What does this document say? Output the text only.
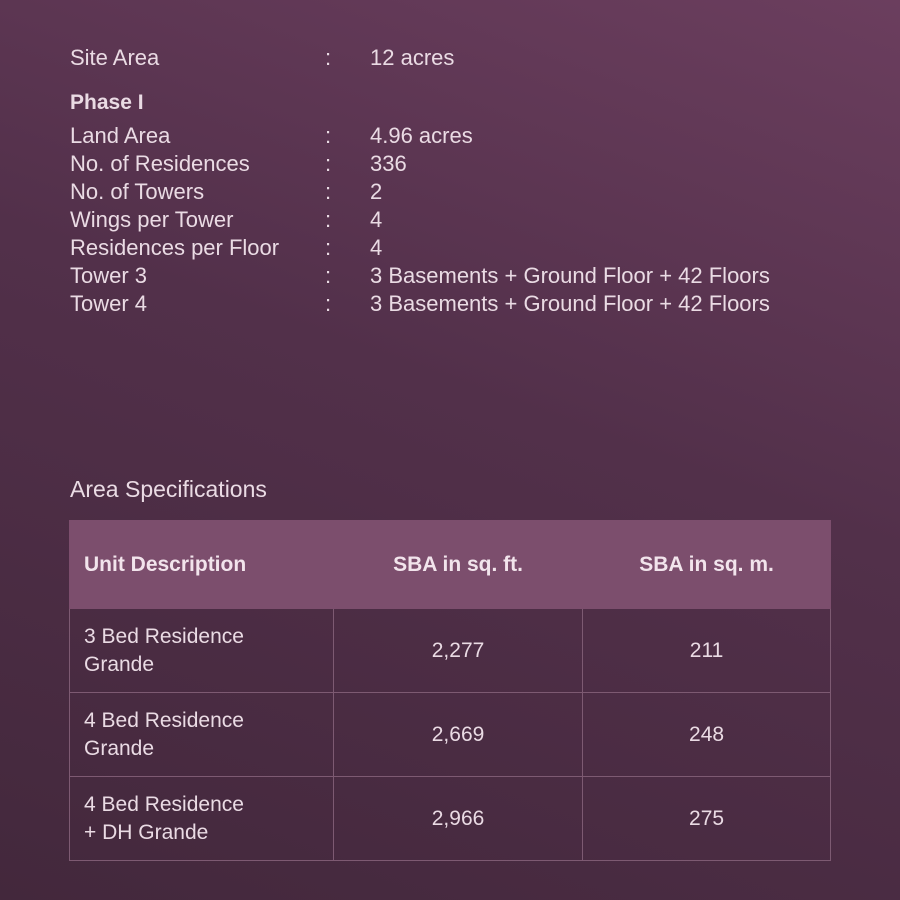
Site Area	: 12 acres
Phase I
Land Area	: 4.96 acres
No. of Residences	: 336
No. of Towers	: 2
Wings per Tower	: 4
Residences per Floor : 4
Tower 3	: 3 Basements + Ground Floor + 42 Floors
Tower 4	: 3 Basements + Ground Floor + 42 Floors
Area Specifications
Unit Description	SBA in sq. ft.	SBA in sq. m.
3 Bed Residence
Grande	2,277	211
4 Bed Residence
Grande	2,669	248
4 Bed Residence
+ DH Grande	2,966	275
